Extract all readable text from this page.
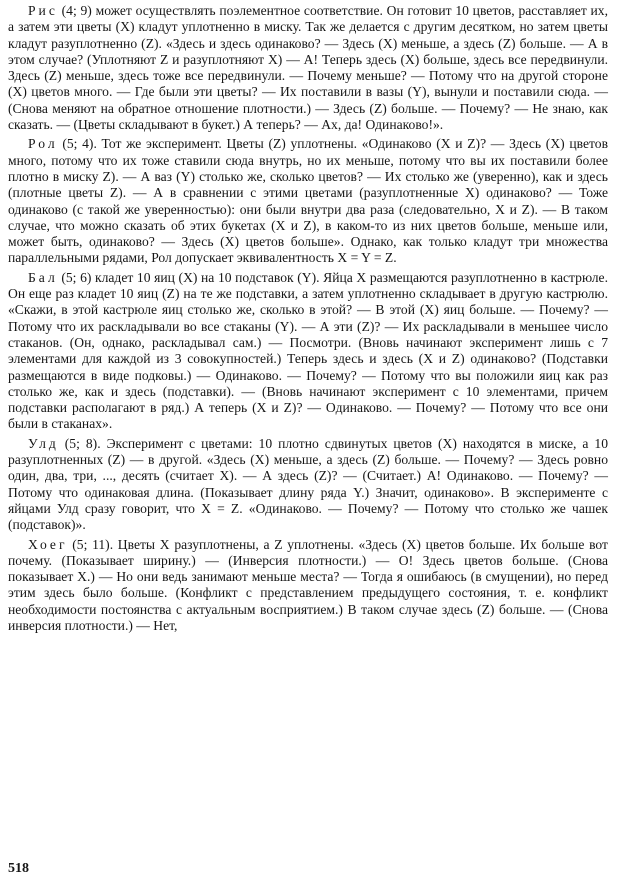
Рис (4; 9) может осуществлять поэлементное соответствие. Он готовит 10 цветов, расставляет их, а затем эти цветы (X) кладут уплотненно в миску. Так же делается с другим десятком, но затем цветы кладут разуплотненно (Z). «Здесь и здесь одинаково? — Здесь (X) меньше, а здесь (Z) больше. — А в этом случае? (Уплотняют Z и разуплотняют X) — А! Теперь здесь (X) больше, здесь все передвинули. Здесь (Z) меньше, здесь тоже все передвинули. — Почему меньше? — Потому что на другой стороне (X) цветов много. — Где были эти цветы? — Их поставили в вазы (Y), вынули и поставили сюда. — (Снова меняют на обратное отношение плотности.) — Здесь (Z) больше. — Почему? — Не знаю, как сказать. — (Цветы складывают в букет.) А теперь? — Ах, да! Одинаково!».

Рол (5; 4). Тот же эксперимент. Цветы (Z) уплотнены. «Одинаково (X и Z)? — Здесь (X) цветов много, потому что их тоже ставили сюда внутрь, но их меньше, потому что вы их поставили более плотно в миску Z). — А ваз (Y) столько же, сколько цветов? — Их столько же (уверенно), как и здесь (плотные цветы Z). — А в сравнении с этими цветами (разуплотненные X) одинаково? — Тоже одинаково (с такой же уверенностью): они были внутри два раза (следовательно, X и Z). — В таком случае, что можно сказать об этих букетах (X и Z), в каком-то из них цветов больше, меньше или, может быть, одинаково? — Здесь (X) цветов больше». Однако, как только кладут три множества параллельными рядами, Рол допускает эквивалентность X = Y = Z.

Бал (5; 6) кладет 10 яиц (X) на 10 подставок (Y). Яйца X размещаются разуплотненно в кастрюле. Он еще раз кладет 10 яиц (Z) на те же подставки, а затем уплотненно складывает в другую кастрюлю. «Скажи, в этой кастрюле яиц столько же, сколько в этой? — В этой (X) яиц больше. — Почему? — Потому что их раскладывали во все стаканы (Y). — А эти (Z)? — Их раскладывали в меньшее число стаканов. (Он, однако, раскладывал сам.) — Посмотри. (Вновь начинают эксперимент лишь с 7 элементами для каждой из 3 совокупностей.) Теперь здесь и здесь (X и Z) одинаково? (Подставки размещаются в виде подковы.) — Одинаково. — Почему? — Потому что вы положили яиц как раз столько же, как и здесь (подставки). — (Вновь начинают эксперимент с 10 элементами, причем подставки располагают в ряд.) А теперь (X и Z)? — Одинаково. — Почему? — Потому что все они были в стаканах».

Улд (5; 8). Эксперимент с цветами: 10 плотно сдвинутых цветов (X) находятся в миске, а 10 разуплотненных (Z) — в другой. «Здесь (X) меньше, а здесь (Z) больше. — Почему? — Здесь ровно один, два, три, ..., десять (считает X). — А здесь (Z)? — (Считает.) А! Одинаково. — Почему? — Потому что одинаковая длина. (Показывает длину ряда Y.) Значит, одинаково». В эксперименте с яйцами Улд сразу говорит, что X = Z. «Одинаково. — Почему? — Потому что столько же чашек (подставок)».

Хоег (5; 11). Цветы X разуплотнены, а Z уплотнены. «Здесь (X) цветов больше. Их больше вот почему. (Показывает ширину.) — (Инверсия плотности.) — О! Здесь цветов больше. (Снова показывает X.) — Но они ведь занимают меньше места? — Тогда я ошибаюсь (в смущении), но перед этим здесь было больше. (Конфликт с представлением предыдущего состояния, т. е. конфликт необходимости постоянства с актуальным восприятием.) В таком случае здесь (Z) больше. — (Снова инверсия плотности.) — Нет,

518
